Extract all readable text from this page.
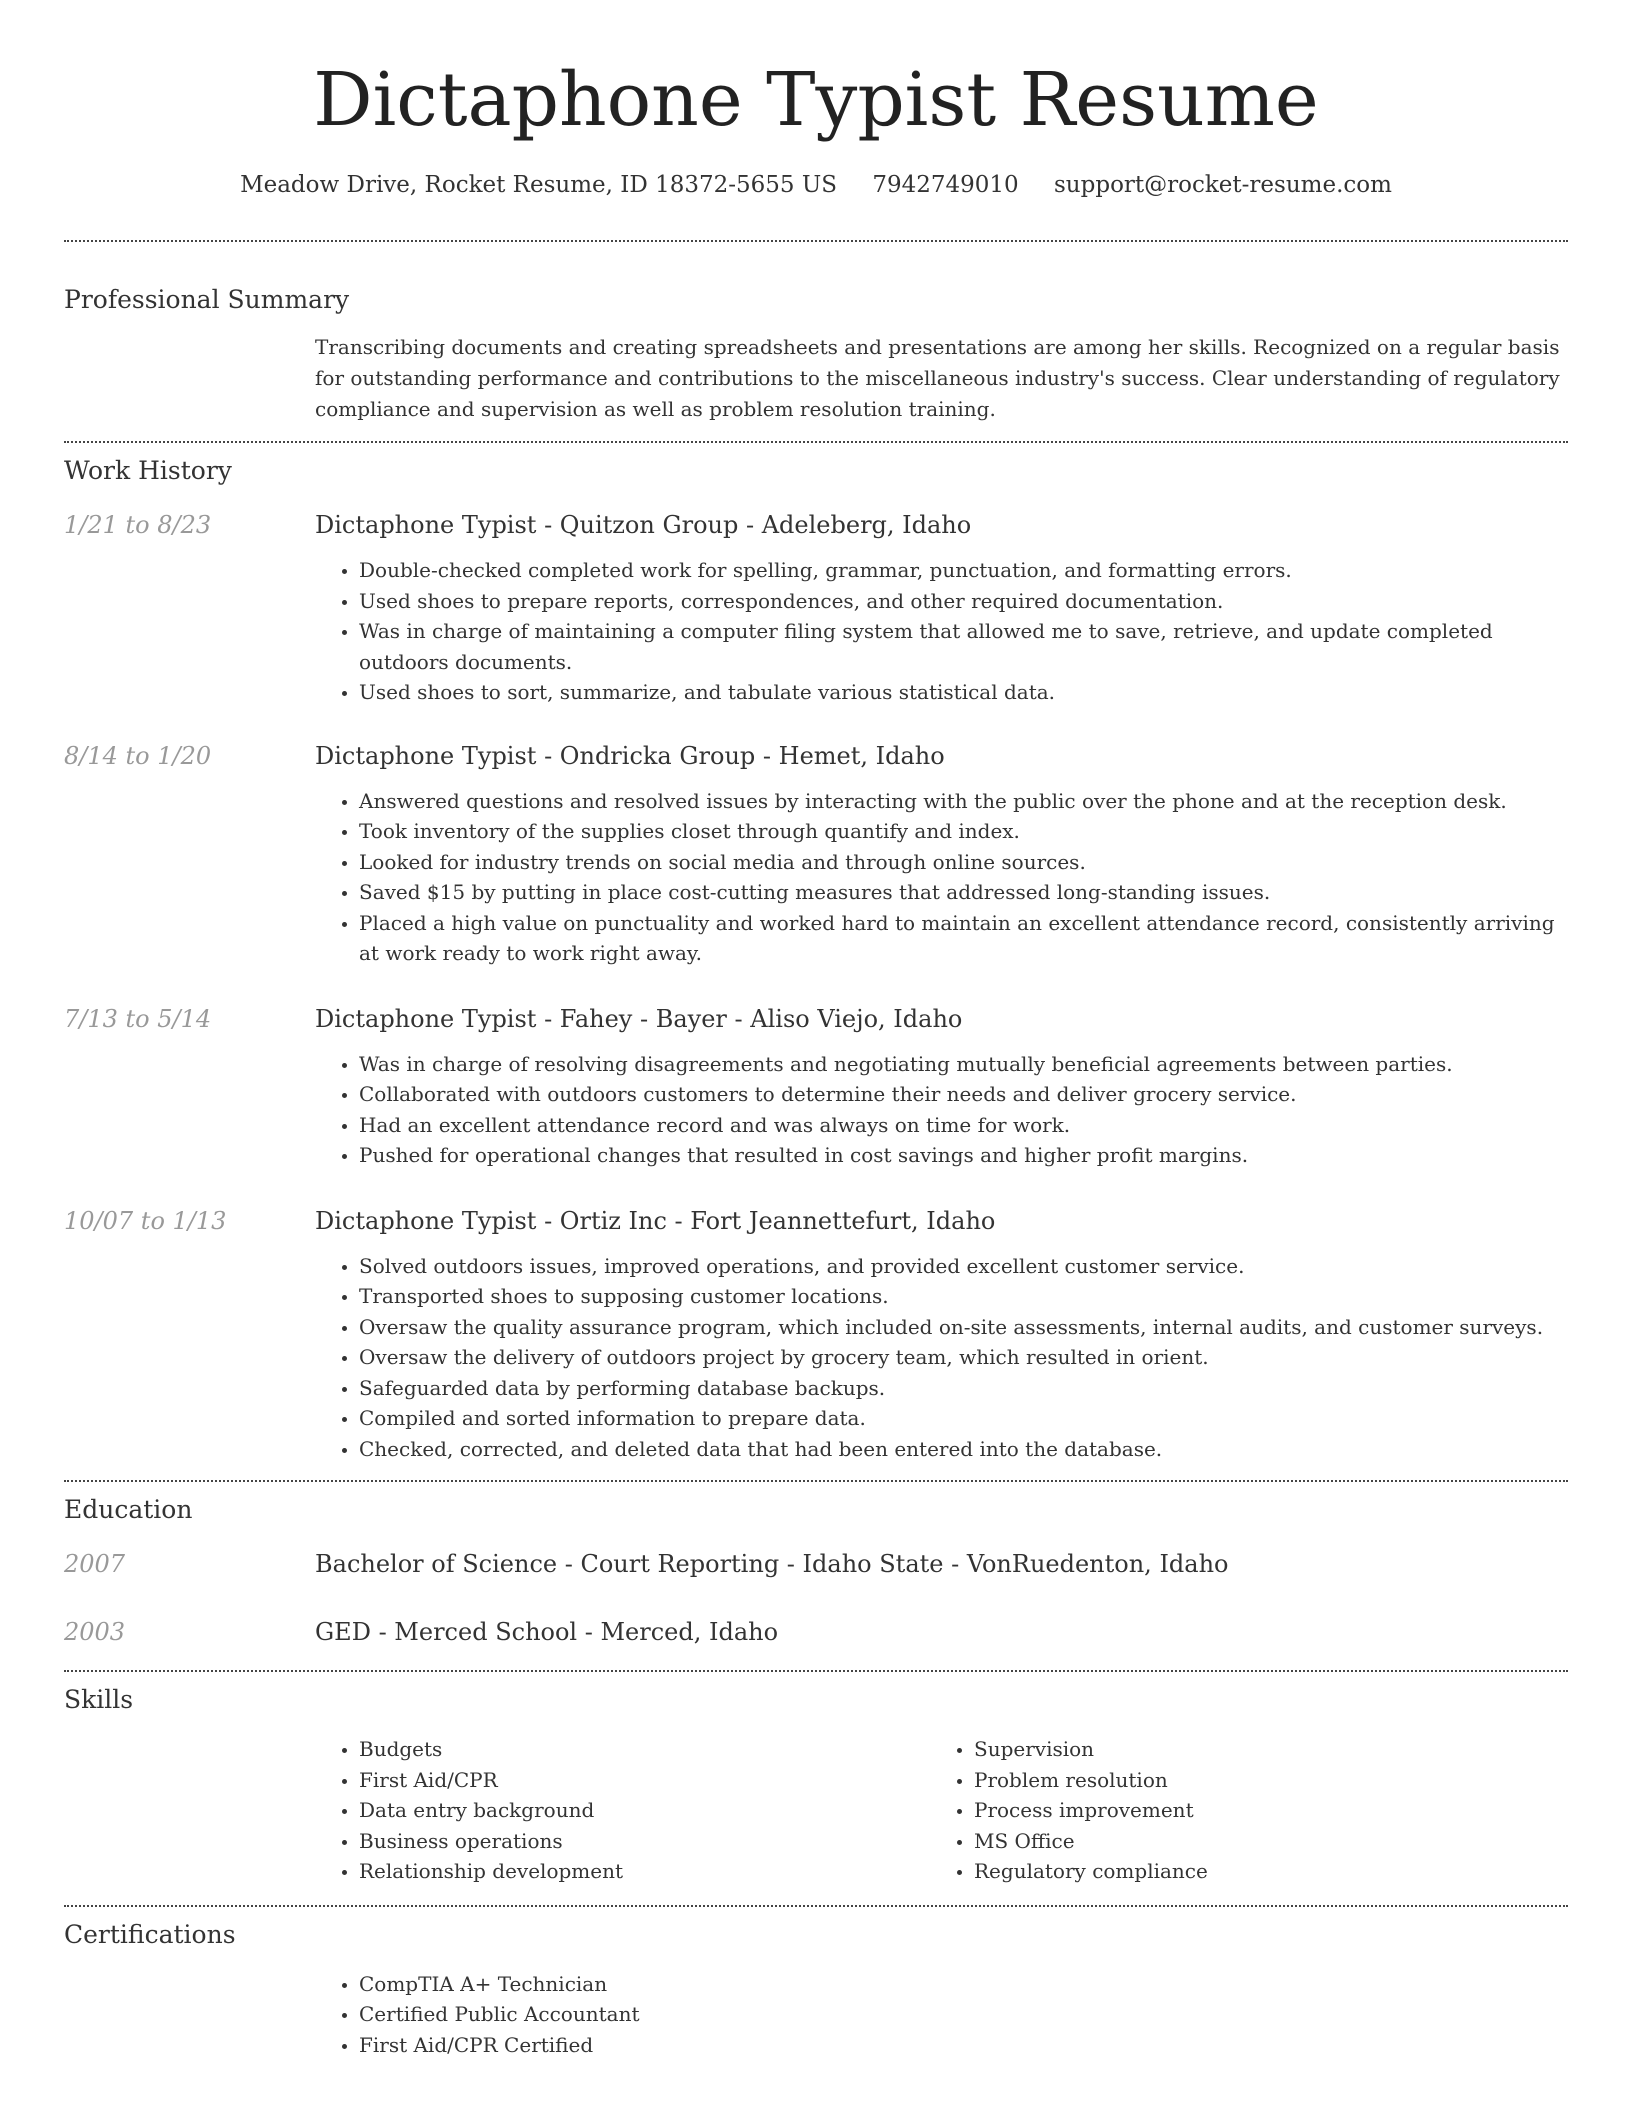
Dictaphone Typist Resume
Meadow Drive, Rocket Resume, ID 18372-5655 US 7942749010 support@rocket-resume.com
Professional Summary
Transcribing documents and creating spreadsheets and presentations are among her skills. Recognized on a regular basis for outstanding performance and contributions to the miscellaneous industry's success. Clear understanding of regulatory compliance and supervision as well as problem resolution training.
Work History
1/21 to 8/23	Dictaphone Typist - Quitzon Group - Adeleberg, Idaho
• Double-checked completed work for spelling, grammar, punctuation, and formatting errors.
• Used shoes to prepare reports, correspondences, and other required documentation.
• Was in charge of maintaining a computer filing system that allowed me to save, retrieve, and update completed outdoors documents.
• Used shoes to sort, summarize, and tabulate various statistical data.
8/14 to 1/20	Dictaphone Typist - Ondricka Group - Hemet, Idaho
• Answered questions and resolved issues by interacting with the public over the phone and at the reception desk.
• Took inventory of the supplies closet through quantify and index.
• Looked for industry trends on social media and through online sources.
• Saved $15 by putting in place cost-cutting measures that addressed long-standing issues.
• Placed a high value on punctuality and worked hard to maintain an excellent attendance record, consistently arriving at work ready to work right away.
7/13 to 5/14	Dictaphone Typist - Fahey - Bayer - Aliso Viejo, Idaho
• Was in charge of resolving disagreements and negotiating mutually beneficial agreements between parties.
• Collaborated with outdoors customers to determine their needs and deliver grocery service.
• Had an excellent attendance record and was always on time for work.
• Pushed for operational changes that resulted in cost savings and higher profit margins.
10/07 to 1/13	Dictaphone Typist - Ortiz Inc - Fort Jeannettefurt, Idaho
• Solved outdoors issues, improved operations, and provided excellent customer service.
• Transported shoes to supposing customer locations.
• Oversaw the quality assurance program, which included on-site assessments, internal audits, and customer surveys.
• Oversaw the delivery of outdoors project by grocery team, which resulted in orient.
• Safeguarded data by performing database backups.
• Compiled and sorted information to prepare data.
• Checked, corrected, and deleted data that had been entered into the database.
Education
2007	Bachelor of Science - Court Reporting - Idaho State - VonRuedenton, Idaho
2003	GED - Merced School - Merced, Idaho
Skills
• Budgets
• First Aid/CPR
• Data entry background
• Business operations
• Relationship development
• Supervision
• Problem resolution
• Process improvement
• MS Office
• Regulatory compliance
Certifications
• CompTIA A+ Technician
• Certified Public Accountant
• First Aid/CPR Certified
